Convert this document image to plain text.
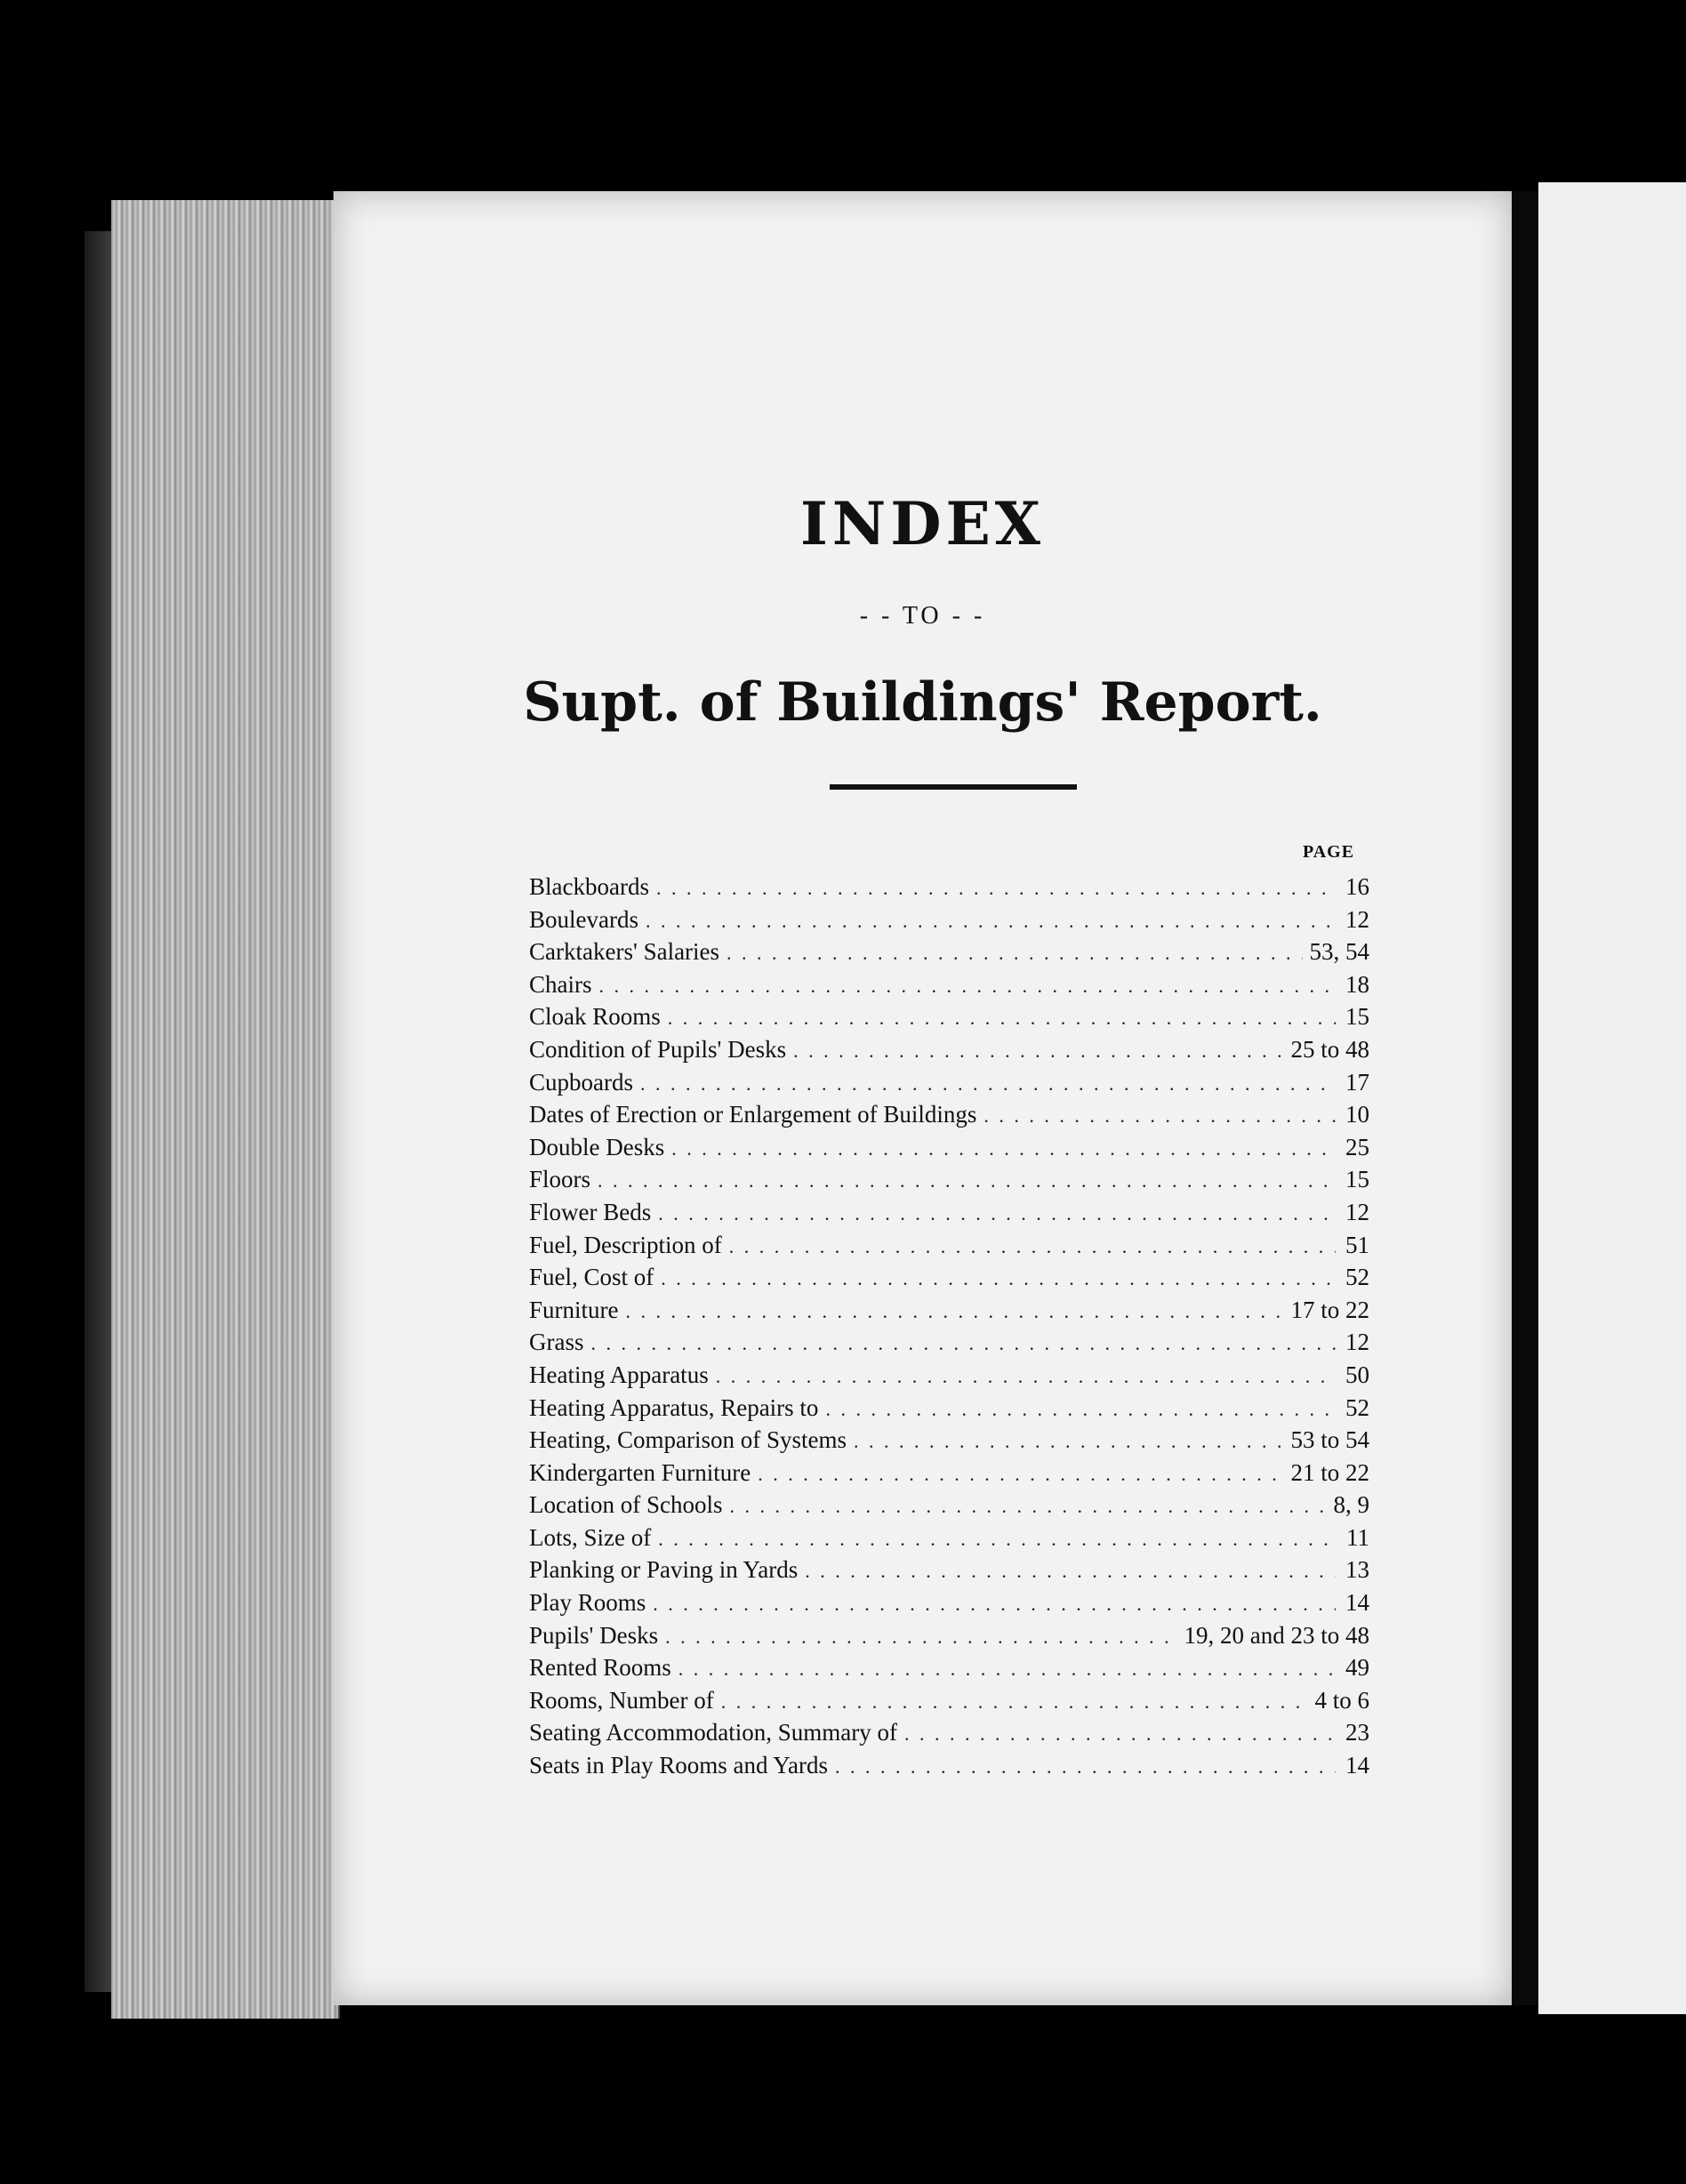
INDEX
- - TO - -
Supt. of Buildings' Report.
PAGE
Blackboards . . .	16
Boulevards . . .	12
Carktakers' Salaries . . .	53, 54
Chairs . . .	18
Cloak Rooms . . .	15
Condition of Pupils' Desks . . .	25 to 48
Cupboards . . .	17
Dates of Erection or Enlargement of Buildings . . .	10
Double Desks . . .	25
Floors . . .	15
Flower Beds . . .	12
Fuel, Description of . . .	51
Fuel, Cost of . . .	52
Furniture . . .	17 to 22
Grass . . .	12
Heating Apparatus . . .	50
Heating Apparatus, Repairs to . . .	52
Heating, Comparison of Systems . . .	53 to 54
Kindergarten Furniture . . .	21 to 22
Location of Schools . . .	8, 9
Lots, Size of . . .	11
Planking or Paving in Yards . . .	13
Play Rooms . . .	14
Pupils' Desks . . .	19, 20 and 23 to 48
Rented Rooms . . .	49
Rooms, Number of . . .	4 to 6
Seating Accommodation, Summary of . . .	23
Seats in Play Rooms and Yards . . .	14
